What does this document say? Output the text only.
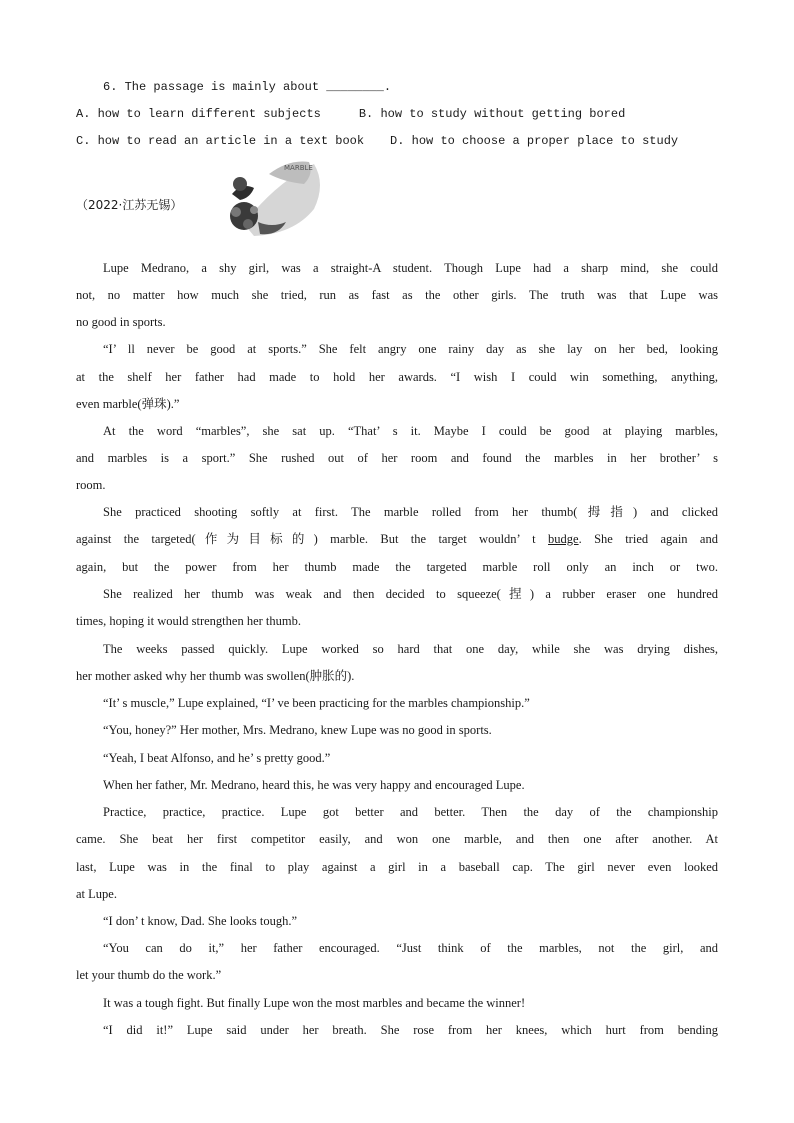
6. The passage is mainly about ________.
A. how to learn different subjects	B. how to study without getting bored
C. how to read an article in a text book D. how to choose a proper place to study
（2022·江苏无锡）
MARBLE
Lupe Medrano, a shy girl, was a straight-A student. Though Lupe had a sharp mind, she could
not, no matter how much she tried, run as fast as the other girls. The truth was that Lupe was
no good in sports.
“I’ ll never be good at sports.” She felt angry one rainy day as she lay on her bed, looking
at the shelf her father had made to hold her awards. “I wish I could win something, anything,
even marble(弹珠).”
At the word “marbles”, she sat up. “That’ s it. Maybe I could be good at playing marbles,
and marbles is a sport.” She rushed out of her room and found the marbles in her brother’ s
room.
She practiced shooting softly at first. The marble rolled from her thumb(拇指) and clicked
against the targeted(作为目标的) marble. But the target wouldn’ t budge. She tried again and
again, but the power from her thumb made the targeted marble roll only an inch or two.
She realized her thumb was weak and then decided to squeeze(捏) a rubber eraser one hundred
times, hoping it would strengthen her thumb.
The weeks passed quickly. Lupe worked so hard that one day, while she was drying dishes,
her mother asked why her thumb was swollen(肿胀的).
“It’ s muscle,” Lupe explained, “I’ ve been practicing for the marbles championship.”
“You, honey?” Her mother, Mrs. Medrano, knew Lupe was no good in sports.
“Yeah, I beat Alfonso, and he’ s pretty good.”
When her father, Mr. Medrano, heard this, he was very happy and encouraged Lupe.
Practice, practice, practice. Lupe got better and better. Then the day of the championship
came. She beat her first competitor easily, and won one marble, and then one after another. At
last, Lupe was in the final to play against a girl in a baseball cap. The girl never even looked
at Lupe.
“I don’ t know, Dad. She looks tough.”
“You can do it,” her father encouraged. “Just think of the marbles, not the girl, and
let your thumb do the work.”
It was a tough fight. But finally Lupe won the most marbles and became the winner!
“I did it!” Lupe said under her breath. She rose from her knees, which hurt from bending
